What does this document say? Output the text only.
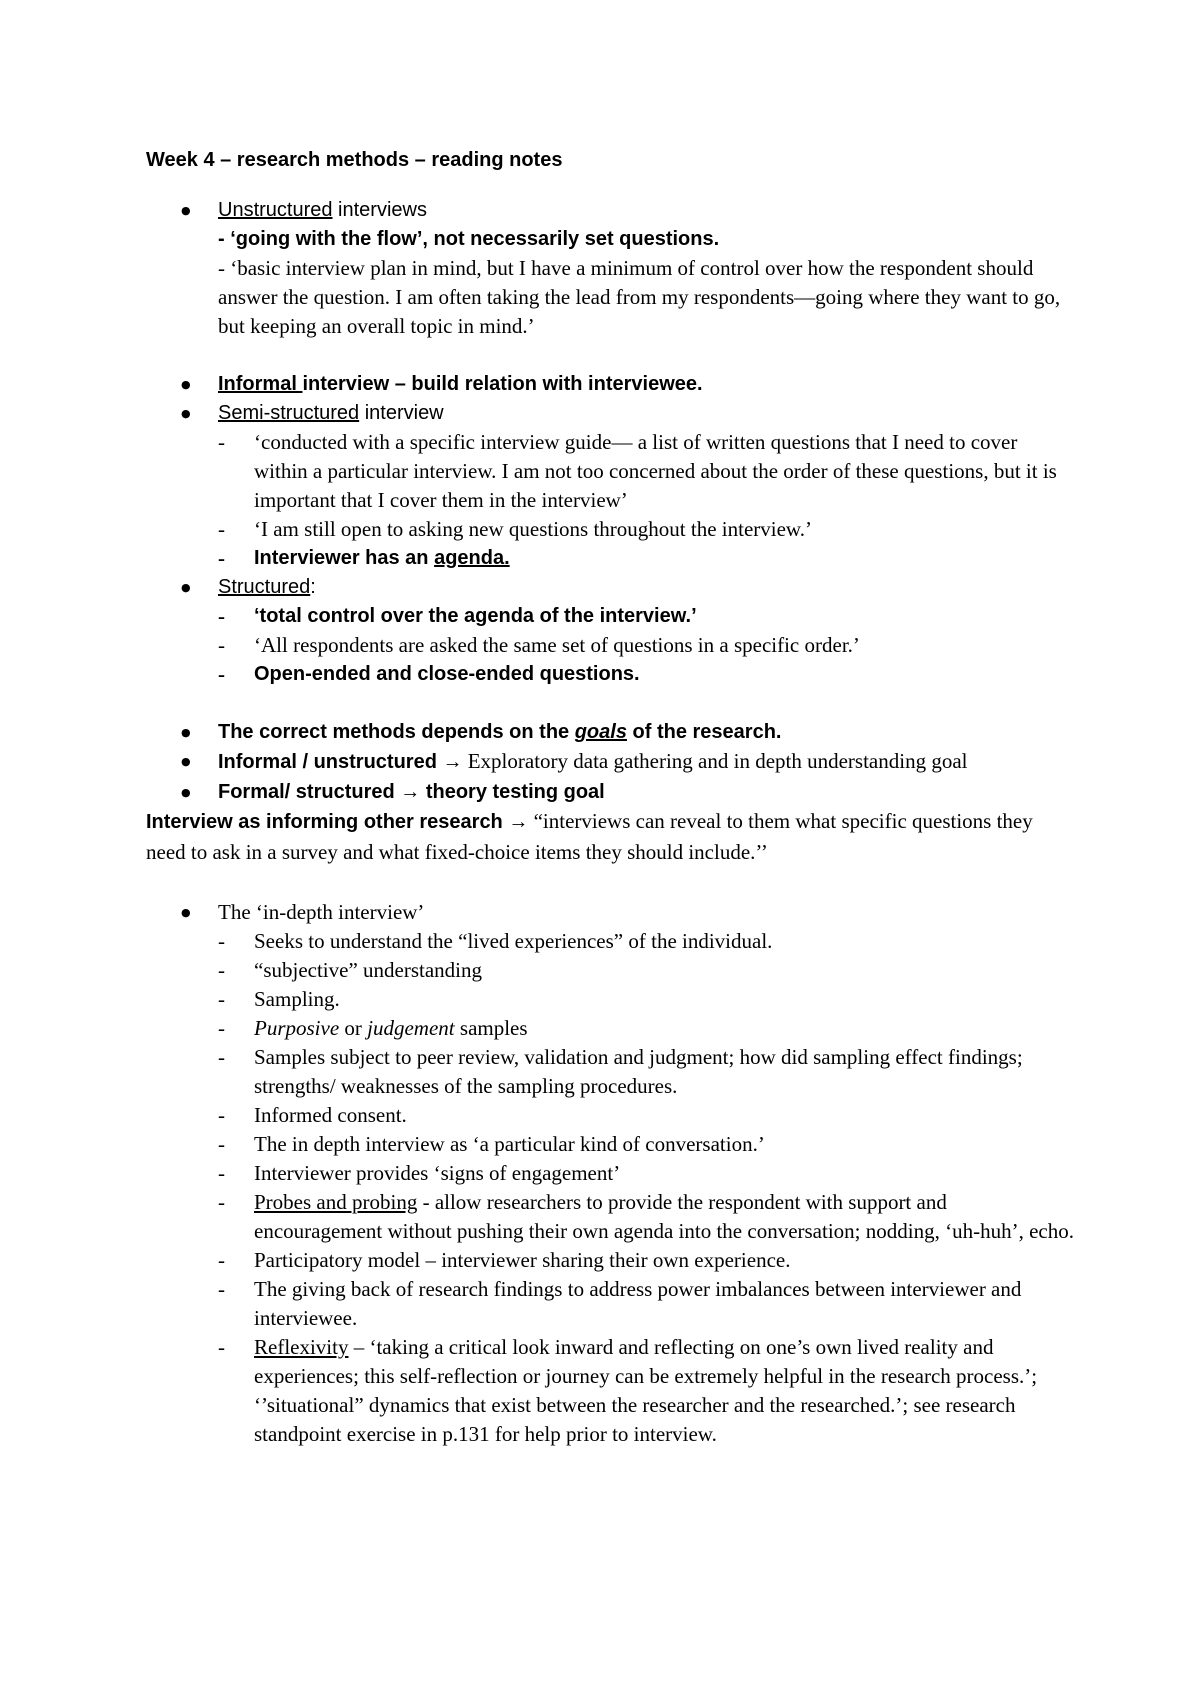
Week 4 – research methods – reading notes
● Unstructured interviews
- ‘going with the flow’, not necessarily set questions.
- ‘basic interview plan in mind, but I have a minimum of control over how the respondent should answer the question. I am often taking the lead from my respondents—going where they want to go, but keeping an overall topic in mind.’
● Informal interview – build relation with interviewee.
● Semi-structured interview
- ‘conducted with a specific interview guide— a list of written questions that I need to cover within a particular interview. I am not too concerned about the order of these questions, but it is important that I cover them in the interview’
- ‘I am still open to asking new questions throughout the interview.’
- Interviewer has an agenda.
● Structured:
- ‘total control over the agenda of the interview.’
- ‘All respondents are asked the same set of questions in a specific order.’
- Open-ended and close-ended questions.
● The correct methods depends on the goals of the research.
● Informal / unstructured → Exploratory data gathering and in depth understanding goal
● Formal/ structured → theory testing goal
Interview as informing other research → “interviews can reveal to them what specific questions they need to ask in a survey and what fixed-choice items they should include.’’
● The ‘in-depth interview’
- Seeks to understand the “lived experiences” of the individual.
- “subjective” understanding
- Sampling.
- Purposive or judgement samples
- Samples subject to peer review, validation and judgment; how did sampling effect findings; strengths/ weaknesses of the sampling procedures.
- Informed consent.
- The in depth interview as ‘a particular kind of conversation.’
- Interviewer provides ‘signs of engagement’
- Probes and probing - allow researchers to provide the respondent with support and encouragement without pushing their own agenda into the conversation; nodding, ‘uh-huh’, echo.
- Participatory model – interviewer sharing their own experience.
- The giving back of research findings to address power imbalances between interviewer and interviewee.
- Reflexivity – ‘taking a critical look inward and reflecting on one’s own lived reality and experiences; this self-reflection or journey can be extremely helpful in the research process.’; ‘’situational” dynamics that exist between the researcher and the researched.’; see research standpoint exercise in p.131 for help prior to interview.
